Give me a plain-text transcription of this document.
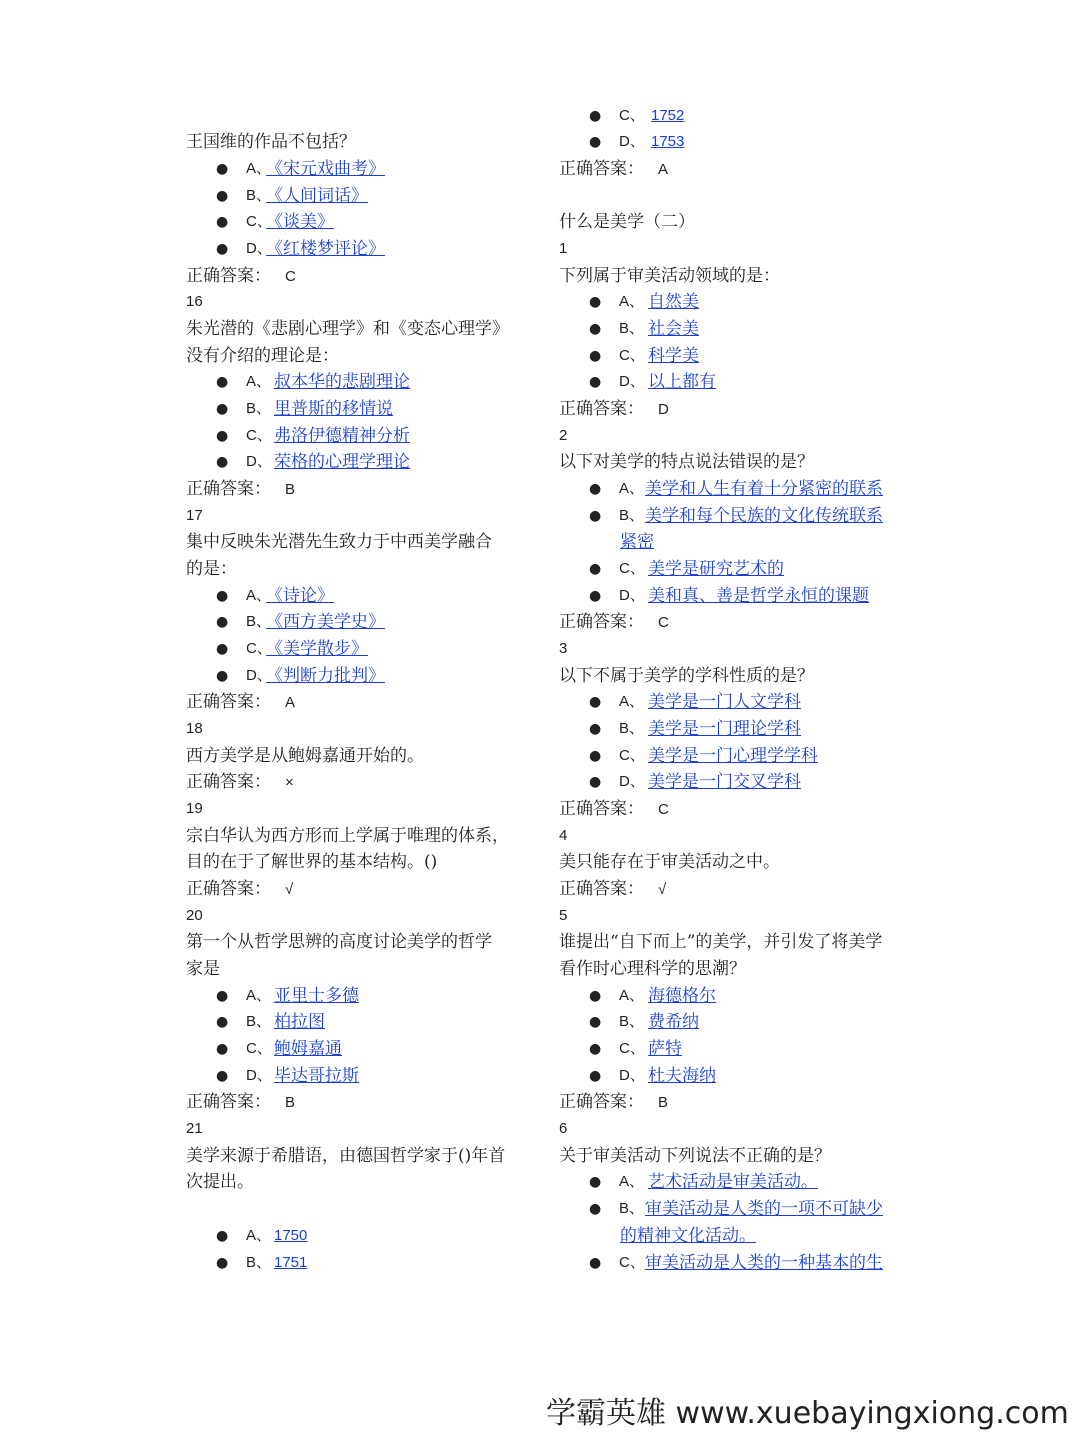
王国维的作品不包括？
● A、
《宋元戏曲考》
● B、
《人间词话》
● C、
《谈美》
● D、
《红楼梦评论》
正确答案： C
16
朱光潜的《悲剧心理学》和《变态心理学》
没有介绍的理论是：
● A、 叔本华的悲剧理论
● B、 里普斯的移情说
● C、 弗洛伊德精神分析
● D、 荣格的心理学理论
正确答案： B
17
集中反映朱光潜先生致力于中西美学融合
的是：
● A、
《诗论》
● B、
《西方美学史》
● C、
《美学散步》
● D、
《判断力批判》
正确答案： A
18
西方美学是从鲍姆嘉通开始的。
正确答案： ×
19
宗白华认为西方形而上学属于唯理的体系，
目的在于了解世界的基本结构。()
正确答案： √
20
第一个从哲学思辨的高度讨论美学的哲学
家是
● A、 亚里士多德
● B、 柏拉图
● C、 鲍姆嘉通
● D、 毕达哥拉斯
正确答案： B
21
美学来源于希腊语，由德国哲学家于()年首
次提出。
● A、 1750
● B、 1751
● C、 1752
● D、 1753
正确答案： A
什么是美学（二）
1
下列属于审美活动领域的是：
● A、 自然美
● B、 社会美
● C、 科学美
● D、 以上都有
正确答案： D
2
以下对美学的特点说法错误的是？
● A、 美学和人生有着十分紧密的联系
● B、 美学和每个民族的文化传统联系
紧密
● C、 美学是研究艺术的
● D、 美和真、善是哲学永恒的课题
正确答案： C
3
以下不属于美学的学科性质的是？
● A、 美学是一门人文学科
● B、 美学是一门理论学科
● C、 美学是一门心理学学科
● D、 美学是一门交叉学科
正确答案： C
4
美只能存在于审美活动之中。
正确答案： √
5
谁提出“自下而上”的美学，并引发了将美学
看作时心理科学的思潮？
● A、 海德格尔
● B、 费希纳
● C、 萨特
● D、 杜夫海纳
正确答案： B
6
关于审美活动下列说法不正确的是？
● A、 艺术活动是审美活动。
● B、 审美活动是人类的一项不可缺少
的精神文化活动。
● C、 审美活动是人类的一种基本的生
学霸英雄 www.xuebayingxiong.com
